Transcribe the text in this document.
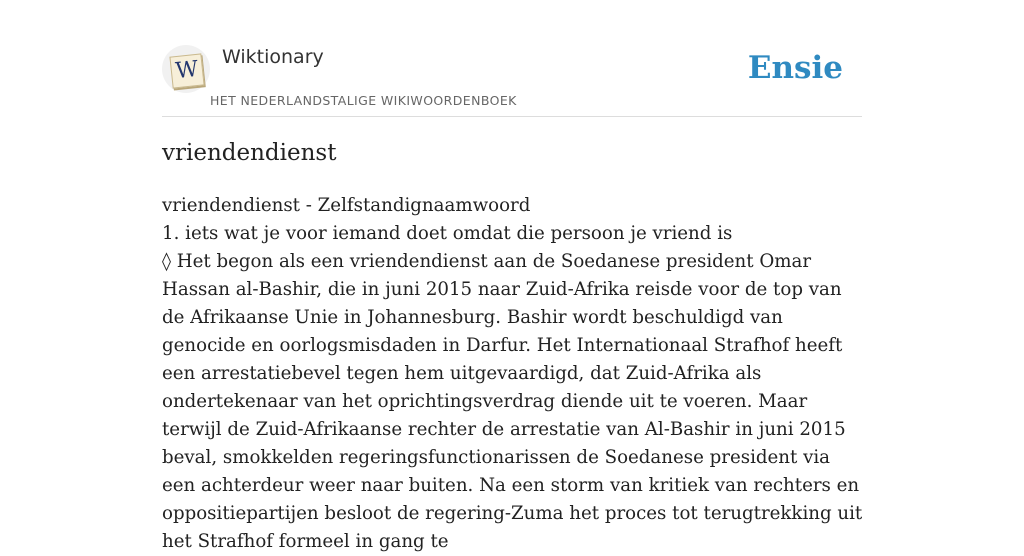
W Wiktionary
HET NEDERLANDSTALIGE WIKIWOORDENBOEK
Ensie
vriendendienst

vriendendienst - Zelfstandignaamwoord

1. iets wat je voor iemand doet omdat die persoon je vriend is

◊ Het begon als een vriendendienst aan de Soedanese president Omar Hassan al-Bashir, die in juni 2015 naar Zuid-Afrika reisde voor de top van de Afrikaanse Unie in Johannesburg. Bashir wordt beschuldigd van genocide en oorlogsmisdaden in Darfur. Het Internationaal Strafhof heeft een arrestatiebevel tegen hem uitgevaardigd, dat Zuid-Afrika als ondertekenaar van het oprichtingsverdrag diende uit te voeren. Maar terwijl de Zuid-Afrikaanse rechter de arrestatie van Al-Bashir in juni 2015 beval, smokkelden regeringsfunctionarissen de Soedanese president via een achterdeur weer naar buiten. Na een storm van kritiek van rechters en oppositiepartijen besloot de regering-Zuma het proces tot terugtrekking uit het Strafhof formeel in gang te
